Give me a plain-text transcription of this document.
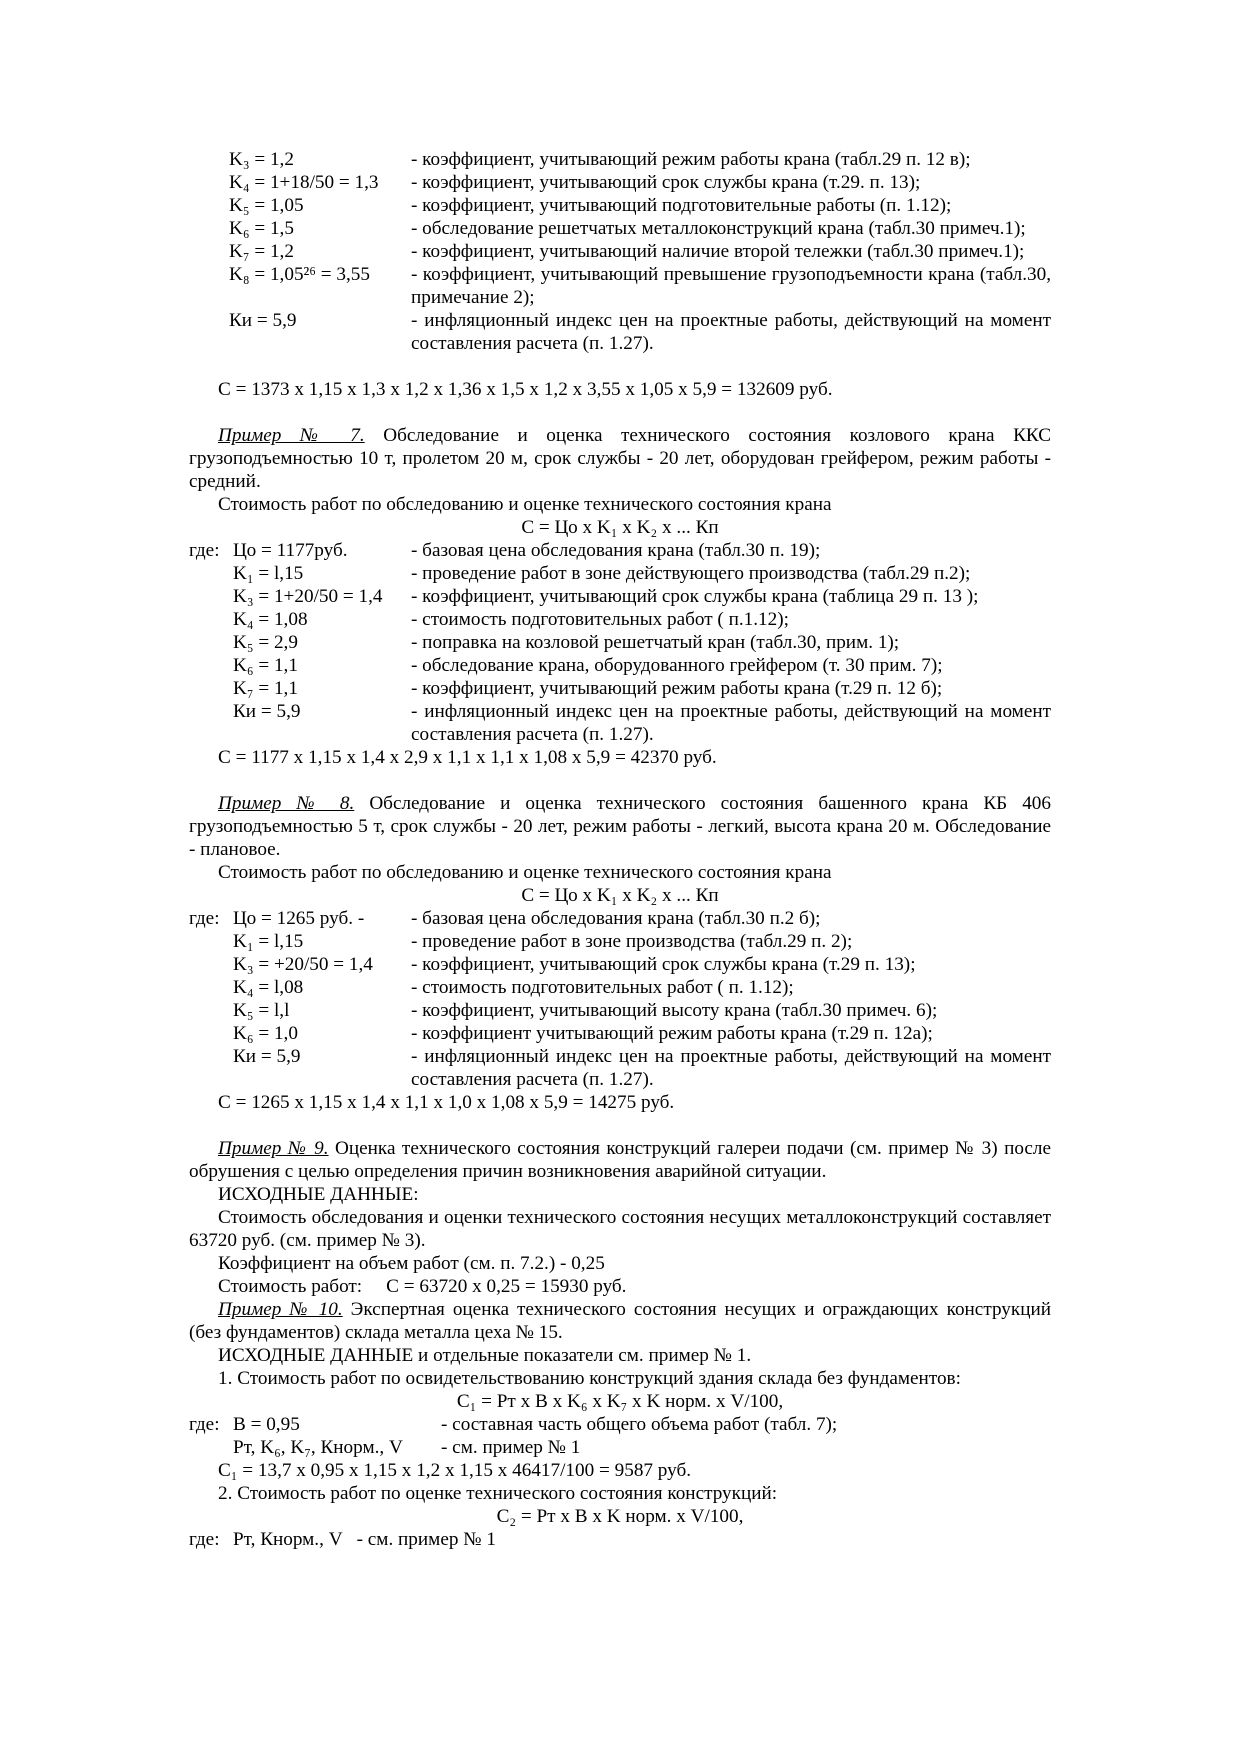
K₃ = 1,2	- коэффициент, учитывающий режим работы крана (табл.29 п. 12 в);
K₄ = 1+18/50 = 1,3	- коэффициент, учитывающий срок службы крана (т.29. п. 13);
K₅ = 1,05	- коэффициент, учитывающий подготовительные работы (п. 1.12);
K₆ = 1,5	- обследование решетчатых металлоконструкций крана (табл.30 примеч.1);
K₇ = 1,2	- коэффициент, учитывающий наличие второй тележки (табл.30 примеч.1);
K₈ = 1,05²⁶ = 3,55	- коэффициент, учитывающий превышение грузоподъемности крана (табл.30, примечание 2);
Ки = 5,9	- инфляционный индекс цен на проектные работы, действующий на момент составления расчета (п. 1.27).
С = 1373 х 1,15 х 1,3 х 1,2 х 1,36 х 1,5 х 1,2 х 3,55 х 1,05 х 5,9 = 132609 руб.

Пример № 7. Обследование и оценка технического состояния козлового крана ККС грузоподъемностью 10 т, пролетом 20 м, срок службы - 20 лет, оборудован грейфером, режим работы - средний.

Стоимость работ по обследованию и оценке технического состояния крана
С = Цо х K₁ х K₂ х ... Кп
где: Цо = 1177руб.	- базовая цена обследования крана (табл.30 п. 19);
K₁ = l,15	- проведение работ в зоне действующего производства (табл.29 п.2);
K₃ = 1+20/50 = 1,4 - коэффициент, учитывающий срок службы крана (таблица 29 п. 13 );
K₄ = 1,08	- стоимость подготовительных работ ( п.1.12);
K₅ = 2,9	- поправка на козловой решетчатый кран (табл.30, прим. 1);
K₆ = 1,1	- обследование крана, оборудованного грейфером (т. 30 прим. 7);
K₇ = 1,1	- коэффициент, учитывающий режим работы крана (т.29 п. 12 б);
Ки = 5,9	- инфляционный индекс цен на проектные работы, действующий на момент составления расчета (п. 1.27).
С = 1177 х 1,15 х 1,4 х 2,9 х 1,1 х 1,1 х 1,08 х 5,9 = 42370 руб.

Пример № 8. Обследование и оценка технического состояния башенного крана КБ 406 грузоподъемностью 5 т, срок службы - 20 лет, режим работы - легкий, высота крана 20 м. Обследование - плановое.

Стоимость работ по обследованию и оценке технического состояния крана
С = Цо х K₁ х K₂ х ... Кп
где: Цо = 1265 руб. - - базовая цена обследования крана (табл.30 п.2 б);
K₁ = l,15	- проведение работ в зоне производства (табл.29 п. 2);
K₃ = +20/50 = 1,4 - коэффициент, учитывающий срок службы крана (т.29 п. 13);
K₄ = l,08	- стоимость подготовительных работ ( п. 1.12);
K₅ = l,l	- коэффициент, учитывающий высоту крана (табл.30 примеч. 6);
K₆ = 1,0	- коэффициент учитывающий режим работы крана (т.29 п. 12а);
Ки = 5,9	- инфляционный индекс цен на проектные работы, действующий на момент составления расчета (п. 1.27).
С = 1265 х 1,15 х 1,4 х 1,1 х 1,0 х 1,08 х 5,9 = 14275 руб.

Пример № 9. Оценка технического состояния конструкций галереи подачи (см. пример № 3) после обрушения с целью определения причин возникновения аварийной ситуации.

ИСХОДНЫЕ ДАННЫЕ:

Стоимость обследования и оценки технического состояния несущих металлоконструкций составляет 63720 руб. (см. пример № 3).

Коэффициент на объем работ (см. п. 7.2.) - 0,25
Стоимость работ:     С = 63720 х 0,25 = 15930 руб.

Пример № 10. Экспертная оценка технического состояния несущих и ограждающих конструкций (без фундаментов) склада металла цеха № 15.

ИСХОДНЫЕ ДАННЫЕ и отдельные показатели см. пример № 1.
1. Стоимость работ по освидетельствованию конструкций здания склада без фундаментов:
С₁ = Рт х В х K₆ х K₇ х K норм. х V/100,
где: В = 0,95	- составная часть общего объема работ (табл. 7);
Рт, K₆, K₇, Кнорм., V - см. пример № 1
С₁ = 13,7 х 0,95 х 1,15 х 1,2 х 1,15 х 46417/100 = 9587 руб.
2. Стоимость работ по оценке технического состояния конструкций:
С₂ = Рт х В х K норм. х V/100,
где: Рт, Кнорм., V   - см. пример № 1
